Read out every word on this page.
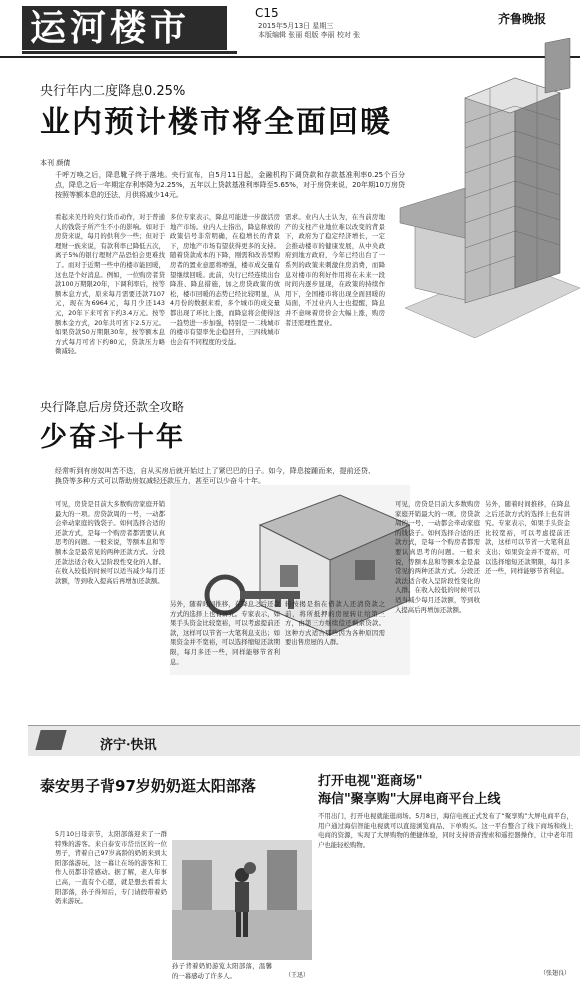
运河楼市	C15
2015年5月13日 星期三
本版编辑 张丽 组版 李丽 校对 张
齐鲁晚报
央行年内二度降息0.25%
业内预计楼市将全面回暖
本刊 颜倩
千呼万唤之后，降息靴子终于落地。央行宣布，自5月11日起，金融机构下调贷款和存款基准利率0.25个百分点，降息之后一年期定存利率降为2.25%，五年以上贷款基准利率降至5.65%，对于房贷来说，20年期10万房贷按照等额本息的还法，月供将减少14元。
看起来美丹的央行货币动作，对于普通人的钱袋子所产生不小的影响。如对于房贷来说，每月的供利少一些；但对于理财一族来说，有款利率已降低五次，离子5%的银行理财产品恐怕会更难找了。而对于近期一些中的楼市能回暖，这也是个好消息。例如，一位购房者贷款100万期限20年，下调利率后，按等额本息方式，原来每月需要还款7107元，现在为6964元，每月少还143元，20年下来可省下约3.4万元。按等额本金方式，20年共可省下2.5万元。如果贷款50万期限30年，按等额本息方式每月可省下约80元，贷款压力略微减轻。
多位专家表示，降息可能进一步激活房地产市场。业内人士指出，降息释放的政策信号非常明确，在稳增长的背景下，房地产市场有望获得更多的支持。随着贷款成本的下降，刚需和改善型购房者的置业意愿将增强，楼市成交量有望继续回暖。此前，央行已经连续出台降准、降息措施，加之房贷政策的放松，楼市回暖的态势已经比较明显，从4月份的数据来看，多个城市的成交量都出现了环比上涨，而降息将会使得这一趋势进一步加强，特别是一二线城市的楼市有望率先企稳回升，三四线城市也会有不同程度的受益。
需求。业内人士认为，在当前房地产的支柱产业地位难以改变的背景下，政府为了稳定经济增长，一定会推动楼市的健康发展，从中央政府到地方政府，今年已经出台了一系列的政策来刺激住房消费，而降息对楼市的利好作用将在未来一段时间内逐步显现，在政策的持续作用下，全国楼市将出现全面回暖的局面，不过业内人士也提醒，降息并不意味着房价会大幅上涨，购房者还需理性置业。
央行降息后房贷还款全攻略
少奋斗十年
经常听到有房奴叫苦不迭，自从买房后就开始过上了紧巴巴的日子。如今，降息接踵而来，提前还贷、换贷等多种方式可以帮助房奴减轻还款压力，甚至可以少奋斗十年。
可见，房贷是目前大多数购房家庭开销最大的一项。房贷款周的一号，一动都会牵动家庭的钱袋子。如何选择合适的还款方式，是每一个购房者都需要认真思考的问题。一般来说，等额本息和等额本金是最常见的两种还款方式。分段还款法适合收入呈阶段性变化的人群。在收入较低的时候可以适当减少每月还款额，等到收入提高后再增加还款额。
另外，随着时间推移，在降息之后还款方式的选择上也有讲究。专家表示，如果手头资金比较宽裕，可以考虑提前还款，这样可以节省一大笔利息支出；如果资金并不宽裕，可以选择缩短还款期限，每月多还一些，同样能够节省利息。
转按揭是指在借款人还清贷款之前，将所抵押的房屋转让给第三方，由第三方继续偿还剩余贷款。这种方式适合那些因为各种原因需要出售房屋的人群。
可见，房贷是目前大多数购房家庭开销最大的一项。房贷款周的一号，一动都会牵动家庭的钱袋子。如何选择合适的还款方式，是每一个购房者都需要认真思考的问题。一般来说，等额本息和等额本金是最常见的两种还款方式。分段还款法适合收入呈阶段性变化的人群。在收入较低的时候可以适当减少每月还款额，等到收入提高后再增加还款额。
另外，随着时间推移，在降息之后还款方式的选择上也有讲究。专家表示，如果手头资金比较宽裕，可以考虑提前还款，这样可以节省一大笔利息支出；如果资金并不宽裕，可以选择缩短还款期限，每月多还一些，同样能够节省利息。
济宁·快讯
泰安男子背97岁奶奶逛太阳部落
5月10日母亲节，太阳部落迎来了一群特殊的游客。来自泰安市岱岳区的一位男子，背着自己97岁高龄的奶奶来到太阳部落游玩，这一幕让在场的游客和工作人员都非常感动。据了解，老人年事已高，一直有个心愿，就是想去看看太阳部落，孙子得知后，专门请假带着奶奶来游玩。
孙子背着奶奶游览太阳部落，温馨的一幕感动了许多人。	（王迅）
打开电视"逛商场"
海信"聚享购"大屏电商平台上线
不用出门，打开电视就能逛商场。5月8日，海信电视正式发布了“聚享购”大屏电商平台，用户通过海信智能电视就可以直接浏览商品、下单购买。这一平台整合了线下商场和线上电商的资源，实现了大屏购物的便捷体验，同时支持语音搜索和遥控器操作，让中老年用户也能轻松购物。
（张翅良）
